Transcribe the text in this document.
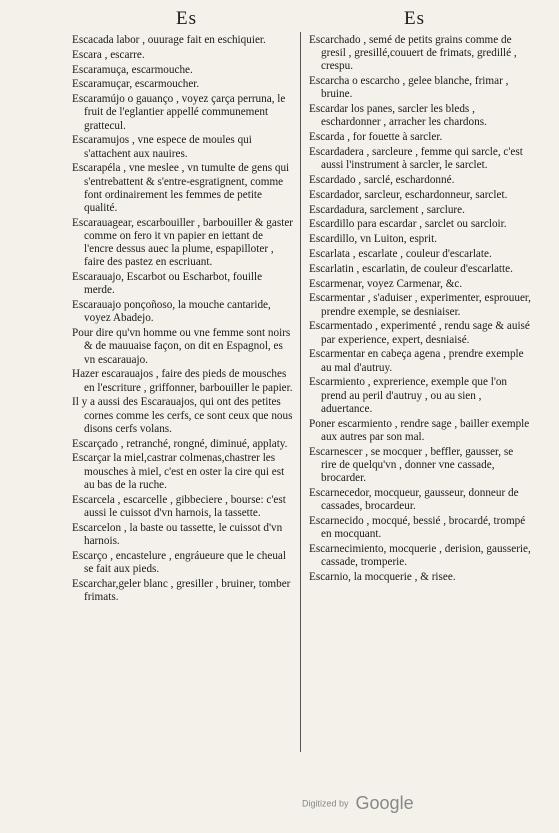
Es	Es
Escacada labor , ouurage fait en eschiquier.
Escara , escarre.
Escaramuça, escarmouche.
Escaramuçar, escarmoucher.
Escaramújo o gauanço , voyez çarça perruna, le fruit de l'eglantier appellé communement grattecul.
Escaramujos , vne espece de moules qui s'attachent aux nauires.
Escarapéla , vne meslee , vn tumulte de gens qui s'entrebattent & s'entre-esgratignent, comme font ordinairement les femmes de petite qualité.
Escarauagear, escarbouiller , barbouiller & gaster comme on fero it vn papier en iettant de l'encre dessus auec la plume, espapilloter , faire des pastez en escriuant.
Escarauajo, Escarbot ou Escharbot, fouille merde.
Escarauajo ponçoñoso, la mouche cantaride, voyez Abadejo.
Pour dire qu'vn homme ou vne femme sont noirs & de mauuaise façon, on dit en Espagnol, es vn escarauajo.
Hazer escarauajos , faire des pieds de mousches en l'escriture , griffonner, barbouiller le papier.
Il y a aussi des Escarauajos, qui ont des petites cornes comme les cerfs, ce sont ceux que nous disons cerfs volans.
Escarçado , retranché, rongné, diminué, applaty.
Escarçar la miel,castrar colmenas,chastrer les mousches à miel, c'est en oster la cire qui est au bas de la ruche.
Escarcela , escarcelle , gibbeciere , bourse: c'est aussi le cuissot d'vn harnois, la tassette.
Escarcelon , la baste ou tassette, le cuissot d'vn harnois.
Escarço , encastelure , engráueure que le cheual se fait aux pieds.
Escarchar,geler blanc , gresiller , bruiner, tomber frimats.
Escarchado , semé de petits grains comme de gresil , gresillé,couuert de frimats, gredillé , crespu.
Escarcha o escarcho , gelee blanche, frimar , bruine.
Escardar los panes, sarcler les bleds , eschardonner , arracher les chardons.
Escarda , for fouette à sarcler.
Escardadera , sarcleure , femme qui sarcle, c'est aussi l'instrument à sarcler, le sarclet.
Escardado , sarclé, eschardonné.
Escardador, sarcleur, eschardonneur, sarclet.
Escardadura, sarclement , sarclure.
Escardillo para escardar , sarclet ou sarcloir.
Escardillo, vn Luiton, esprit.
Escarlata , escarlate , couleur d'escarlate.
Escarlatin , escarlatin, de couleur d'escarlatte.
Escarmenar, voyez Carmenar, &c.
Escarmentar , s'aduiser , experimenter, esprouuer, prendre exemple, se desniaiser.
Escarmentado , experimenté , rendu sage & auisé par experience, expert, desniaisé.
Escarmentar en cabeça agena , prendre exemple au mal d'autruy.
Escarmiento , exprerience, exemple que l'on prend au peril d'autruy , ou au sien , aduertance.
Poner escarmiento , rendre sage , bailler exemple aux autres par son mal.
Escarnescer , se mocquer , beffler, gausser, se rire de quelqu'vn , donner vne cassade, brocarder.
Escarnecedor, mocqueur, gausseur, donneur de cassades, brocardeur.
Escarnecido , mocqué, bessié , brocardé, trompé en mocquant.
Escarnecimiento, mocquerie , derision, gausserie, cassade, tromperie.
Escarnio, la mocquerie , & risee.
Digitized by Google
